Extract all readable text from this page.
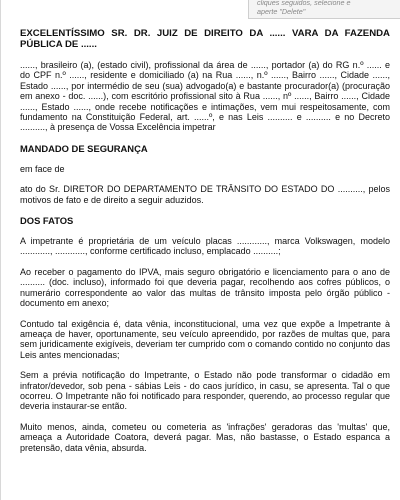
cliques seguidos, selecione e
aperte "Delete"
EXCELENTÍSSIMO SR. DR. JUIZ DE DIREITO DA ...... VARA DA FAZENDA PÚBLICA DE ......
......, brasileiro (a), (estado civil), profissional da área de ......, portador (a) do RG n.º ...... e do CPF n.º ......, residente e domiciliado (a) na Rua ......, n.º ......, Bairro ......, Cidade ......, Estado ......, por intermédio de seu (sua) advogado(a) e bastante procurador(a) (procuração em anexo - doc. ......), com escritório profissional sito à Rua ......, nº ......, Bairro ......, Cidade ......, Estado ......, onde recebe notificações e intimações, vem mui respeitosamente, com fundamento na Constituição Federal, art. ......º, e nas Leis .......... e .......... e no Decreto .........., à presença de Vossa Excelência impetrar
MANDADO DE SEGURANÇA
em face de
ato do Sr. DIRETOR DO DEPARTAMENTO DE TRÂNSITO DO ESTADO DO .........., pelos motivos de fato e de direito a seguir aduzidos.
DOS FATOS
A impetrante é proprietária de um veículo placas ............, marca Volkswagen, modelo ............, ............, conforme certificado incluso, emplacado ..........;
Ao receber o pagamento do IPVA, mais seguro obrigatório e licenciamento para o ano de .......... (doc. incluso), informado foi que deveria pagar, recolhendo aos cofres públicos, o numerário correspondente ao valor das multas de trânsito imposta pelo órgão público - documento em anexo;
Contudo tal exigência é, data vênia, inconstitucional, uma vez que expõe a Impetrante à ameaça de haver, oportunamente, seu veículo apreendido, por razões de multas que, para sem juridicamente exigíveis, deveriam ter cumprido com o comando contido no conjunto das Leis antes mencionadas;
Sem a prévia notificação do Impetrante, o Estado não pode transformar o cidadão em infrator/devedor, sob pena - sábias Leis - do caos jurídico, in casu, se apresenta. Tal o que ocorreu. O Impetrante não foi notificado para responder, querendo, ao processo regular que deveria instaurar-se então.
Muito menos, ainda, cometeu ou cometeria as 'infrações' geradoras das 'multas' que, ameaça a Autoridade Coatora, deverá pagar. Mas, não bastasse, o Estado espanca a pretensão, data vênia, absurda.
